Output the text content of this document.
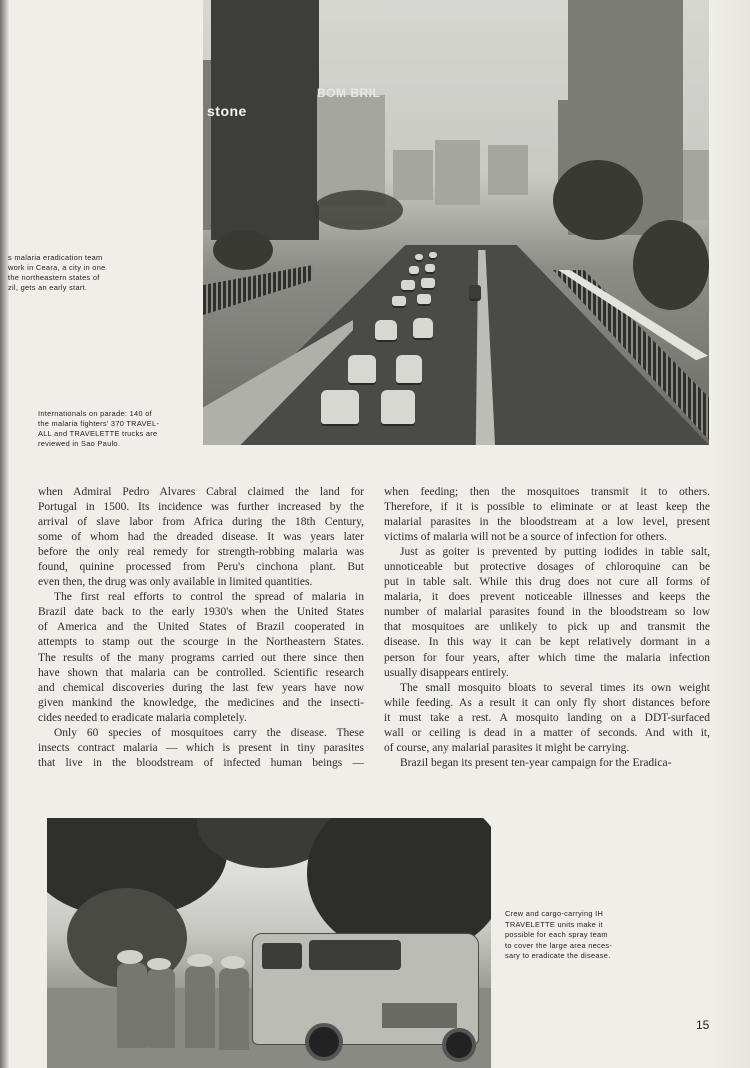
stone
BOM BRIL
s malaria eradication team
work in Ceara, a city in one
the northeastern states of
zil, gets an early start.
Internationals on parade: 140 of
the malaria fighters' 370 TRAVEL-
ALL and TRAVELETTE trucks are
reviewed in Sao Paulo.
when Admiral Pedro Alvares Cabral claimed the land for
Portugal in 1500. Its incidence was further increased by the
arrival of slave labor from Africa during the 18th Century,
some of whom had the dreaded disease. It was years later
before the only real remedy for strength-robbing malaria was
found, quinine processed from Peru's cinchona plant. But
even then, the drug was only available in limited quantities.
The first real efforts to control the spread of malaria in
Brazil date back to the early 1930's when the United States
of America and the United States of Brazil cooperated in
attempts to stamp out the scourge in the Northeastern States.
The results of the many programs carried out there since then
have shown that malaria can be controlled. Scientific research
and chemical discoveries during the last few years have now
given mankind the knowledge, the medicines and the insecti-
cides needed to eradicate malaria completely.
Only 60 species of mosquitoes carry the disease. These
insects contract malaria — which is present in tiny parasites
that live in the bloodstream of infected human beings —
when feeding; then the mosquitoes transmit it to others.
Therefore, if it is possible to eliminate or at least keep the
malarial parasites in the bloodstream at a low level, present
victims of malaria will not be a source of infection for others.
Just as goiter is prevented by putting iodides in table salt,
unnoticeable but protective dosages of chloroquine can be
put in table salt. While this drug does not cure all forms of
malaria, it does prevent noticeable illnesses and keeps the
number of malarial parasites found in the bloodstream so low
that mosquitoes are unlikely to pick up and transmit the
disease. In this way it can be kept relatively dormant in a
person for four years, after which time the malaria infection
usually disappears entirely.
The small mosquito bloats to several times its own weight
while feeding. As a result it can only fly short distances before
it must take a rest. A mosquito landing on a DDT-surfaced
wall or ceiling is dead in a matter of seconds. And with it,
of course, any malarial parasites it might be carrying.
Brazil began its present ten-year campaign for the Eradica-
Crew and cargo-carrying IH
TRAVELETTE units make it
possible for each spray team
to cover the large area neces-
sary to eradicate the disease.
15
